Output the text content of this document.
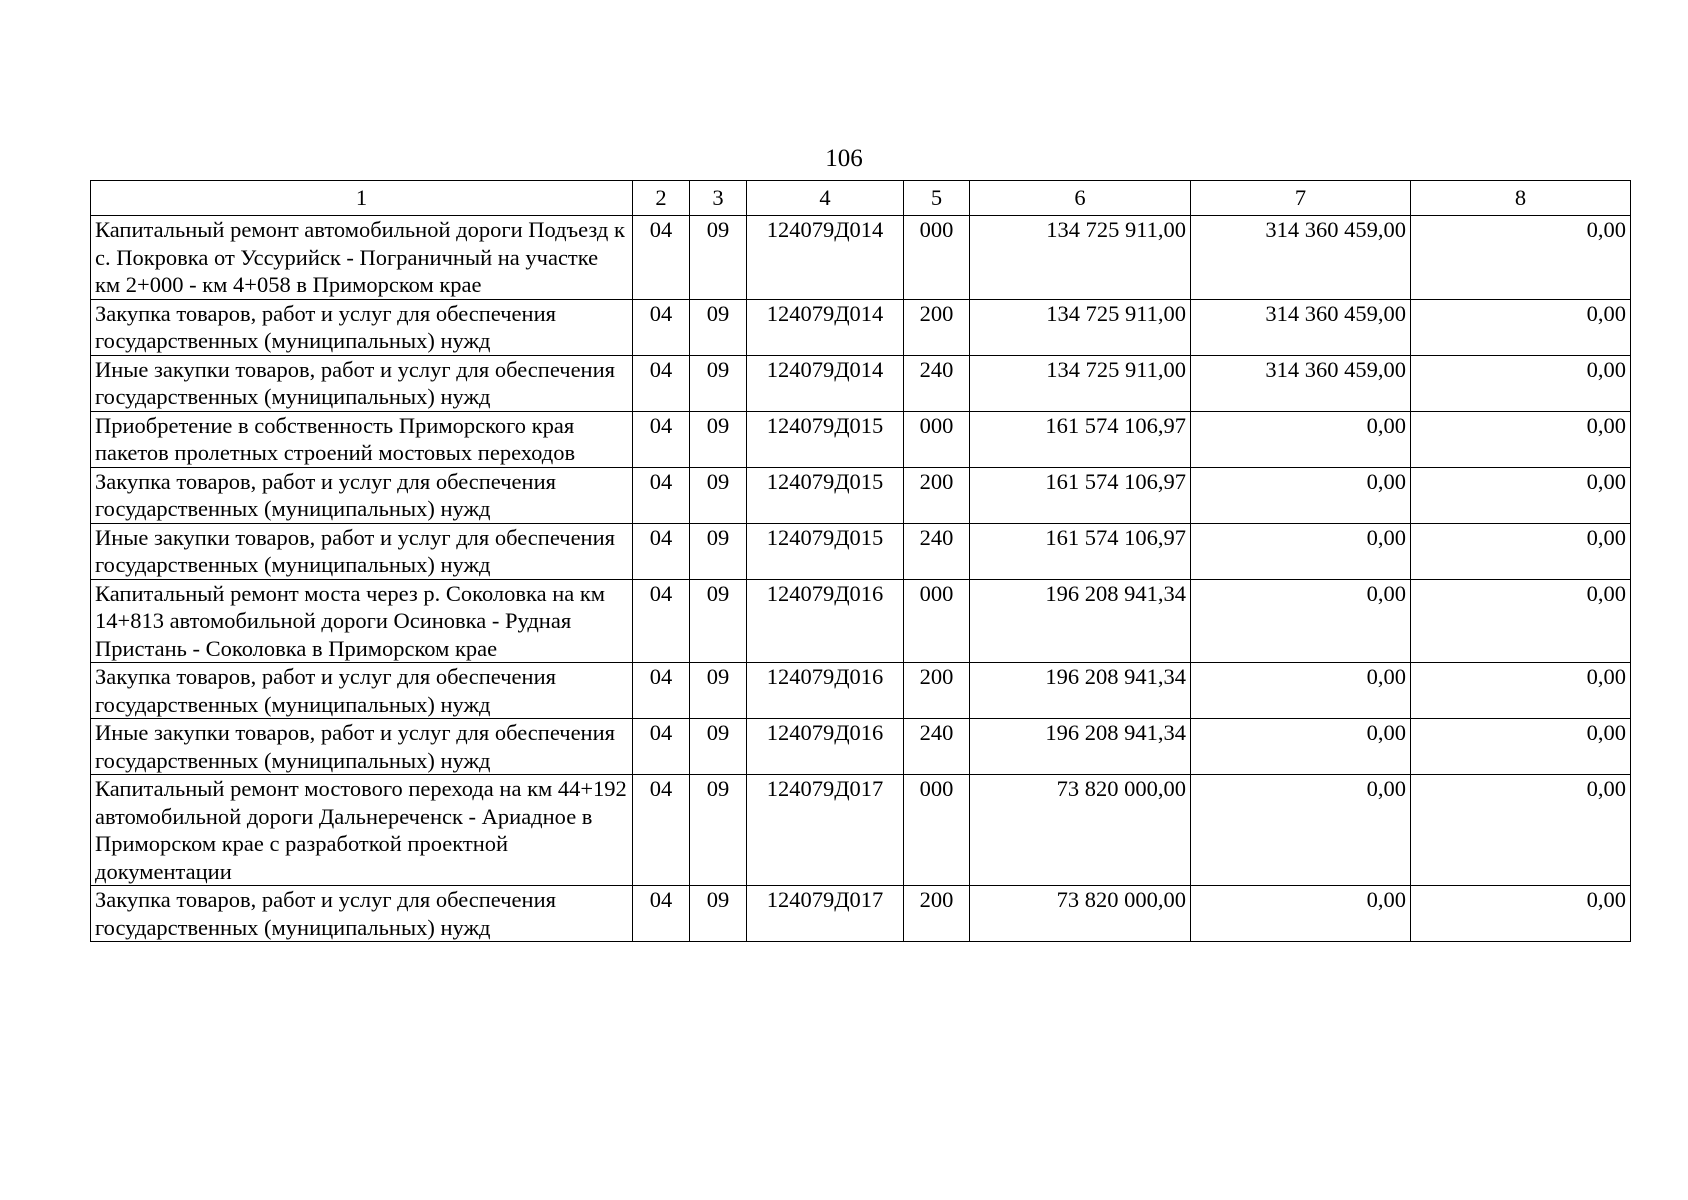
106
1	2	3	4	5	6	7	8
Капитальный ремонт автомобильной дороги Подъезд к с. Покровка от Уссурийск - Пограничный на участке км 2+000 - км 4+058 в Приморском крае	04	09	124079Д014	000	134 725 911,00	314 360 459,00	0,00
Закупка товаров, работ и услуг для обеспечения государственных (муниципальных) нужд	04	09	124079Д014	200	134 725 911,00	314 360 459,00	0,00
Иные закупки товаров, работ и услуг для обеспечения государственных (муниципальных) нужд	04	09	124079Д014	240	134 725 911,00	314 360 459,00	0,00
Приобретение в собственность Приморского края пакетов пролетных строений мостовых переходов	04	09	124079Д015	000	161 574 106,97	0,00	0,00
Закупка товаров, работ и услуг для обеспечения государственных (муниципальных) нужд	04	09	124079Д015	200	161 574 106,97	0,00	0,00
Иные закупки товаров, работ и услуг для обеспечения государственных (муниципальных) нужд	04	09	124079Д015	240	161 574 106,97	0,00	0,00
Капитальный ремонт моста через р. Соколовка на км 14+813 автомобильной дороги Осиновка - Рудная Пристань - Соколовка в Приморском крае	04	09	124079Д016	000	196 208 941,34	0,00	0,00
Закупка товаров, работ и услуг для обеспечения государственных (муниципальных) нужд	04	09	124079Д016	200	196 208 941,34	0,00	0,00
Иные закупки товаров, работ и услуг для обеспечения государственных (муниципальных) нужд	04	09	124079Д016	240	196 208 941,34	0,00	0,00
Капитальный ремонт мостового перехода на км 44+192 автомобильной дороги Дальнереченск - Ариадное в Приморском крае с разработкой проектной документации	04	09	124079Д017	000	73 820 000,00	0,00	0,00
Закупка товаров, работ и услуг для обеспечения государственных (муниципальных) нужд	04	09	124079Д017	200	73 820 000,00	0,00	0,00
